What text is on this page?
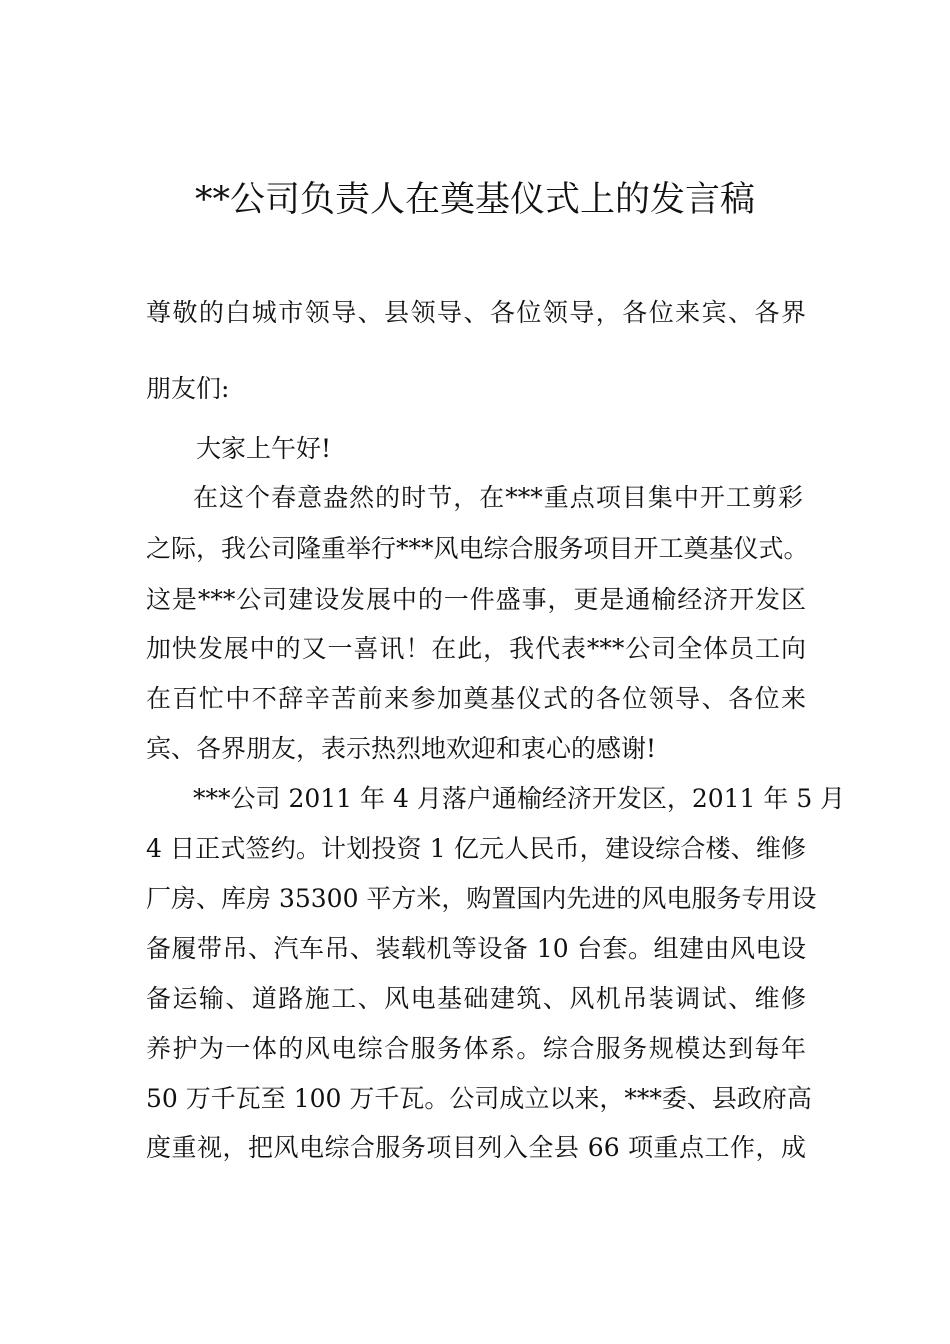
**公司负责人在奠基仪式上的发言稿
尊敬的白城市领导、县领导、各位领导，各位来宾、各界
朋友们:
大家上午好!
在这个春意盎然的时节，在***重点项目集中开工剪彩
之际，我公司隆重举行***风电综合服务项目开工奠基仪式。
这是***公司建设发展中的一件盛事，更是通榆经济开发区
加快发展中的又一喜讯！在此，我代表***公司全体员工向
在百忙中不辞辛苦前来参加奠基仪式的各位领导、各位来
宾、各界朋友，表示热烈地欢迎和衷心的感谢!
***公司 2011 年 4 月落户通榆经济开发区，2011 年 5 月
4 日正式签约。计划投资 1 亿元人民币，建设综合楼、维修
厂房、库房 35300 平方米，购置国内先进的风电服务专用设
备履带吊、汽车吊、装载机等设备 10 台套。组建由风电设
备运输、道路施工、风电基础建筑、风机吊装调试、维修
养护为一体的风电综合服务体系。综合服务规模达到每年
50 万千瓦至 100 万千瓦。公司成立以来，***委、县政府高
度重视，把风电综合服务项目列入全县 66 项重点工作，成
